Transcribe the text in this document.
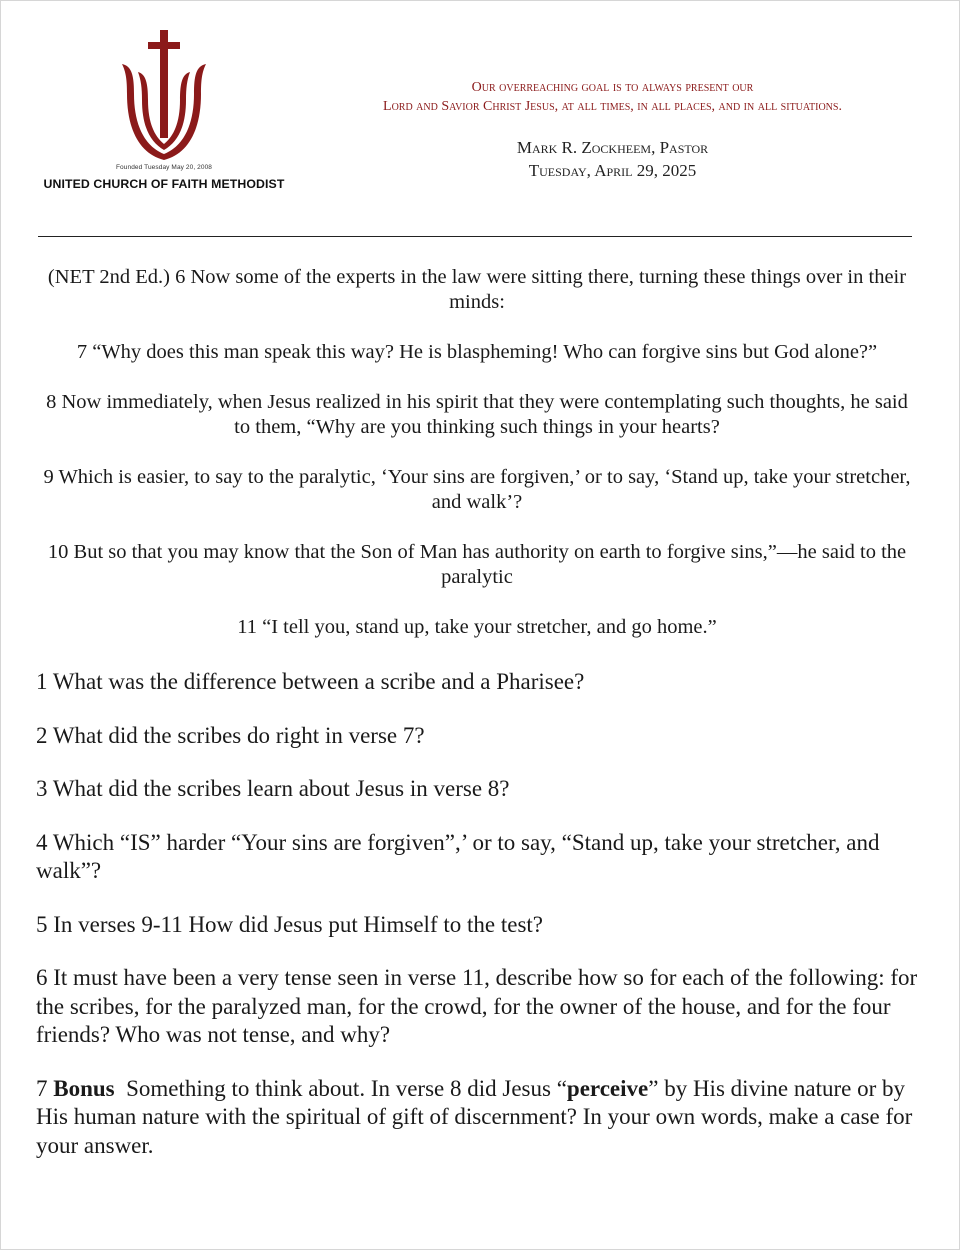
Founded Tuesday May 20, 2008
UNITED CHURCH OF FAITH METHODIST
Our overreaching goal is to always present our
Lord and Savior Christ Jesus, at all times, in all places, and in all situations.
Mark R. Zockheem, Pastor
Tuesday, April 29, 2025

(NET 2nd Ed.) 6 Now some of the experts in the law were sitting there, turning these things over in their minds:

7 “Why does this man speak this way? He is blaspheming! Who can forgive sins but God alone?”

8 Now immediately, when Jesus realized in his spirit that they were contemplating such thoughts, he said to them, “Why are you thinking such things in your hearts?

9 Which is easier, to say to the paralytic, ‘Your sins are forgiven,’ or to say, ‘Stand up, take your stretcher, and walk’?

10 But so that you may know that the Son of Man has authority on earth to forgive sins,”—he said to the paralytic

11 “I tell you, stand up, take your stretcher, and go home.”

1 What was the difference between a scribe and a Pharisee?

2 What did the scribes do right in verse 7?

3 What did the scribes learn about Jesus in verse 8?

4 Which “IS” harder “Your sins are forgiven”,’ or to say, “Stand up, take your stretcher, and walk”?

5 In verses 9-11 How did Jesus put Himself to the test?

6 It must have been a very tense seen in verse 11, describe how so for each of the following: for the scribes, for the paralyzed man, for the crowd, for the owner of the house, and for the four friends? Who was not tense, and why?

7 Bonus  Something to think about. In verse 8 did Jesus “perceive” by His divine nature or by His human nature with the spiritual of gift of discernment? In your own words, make a case for your answer.
